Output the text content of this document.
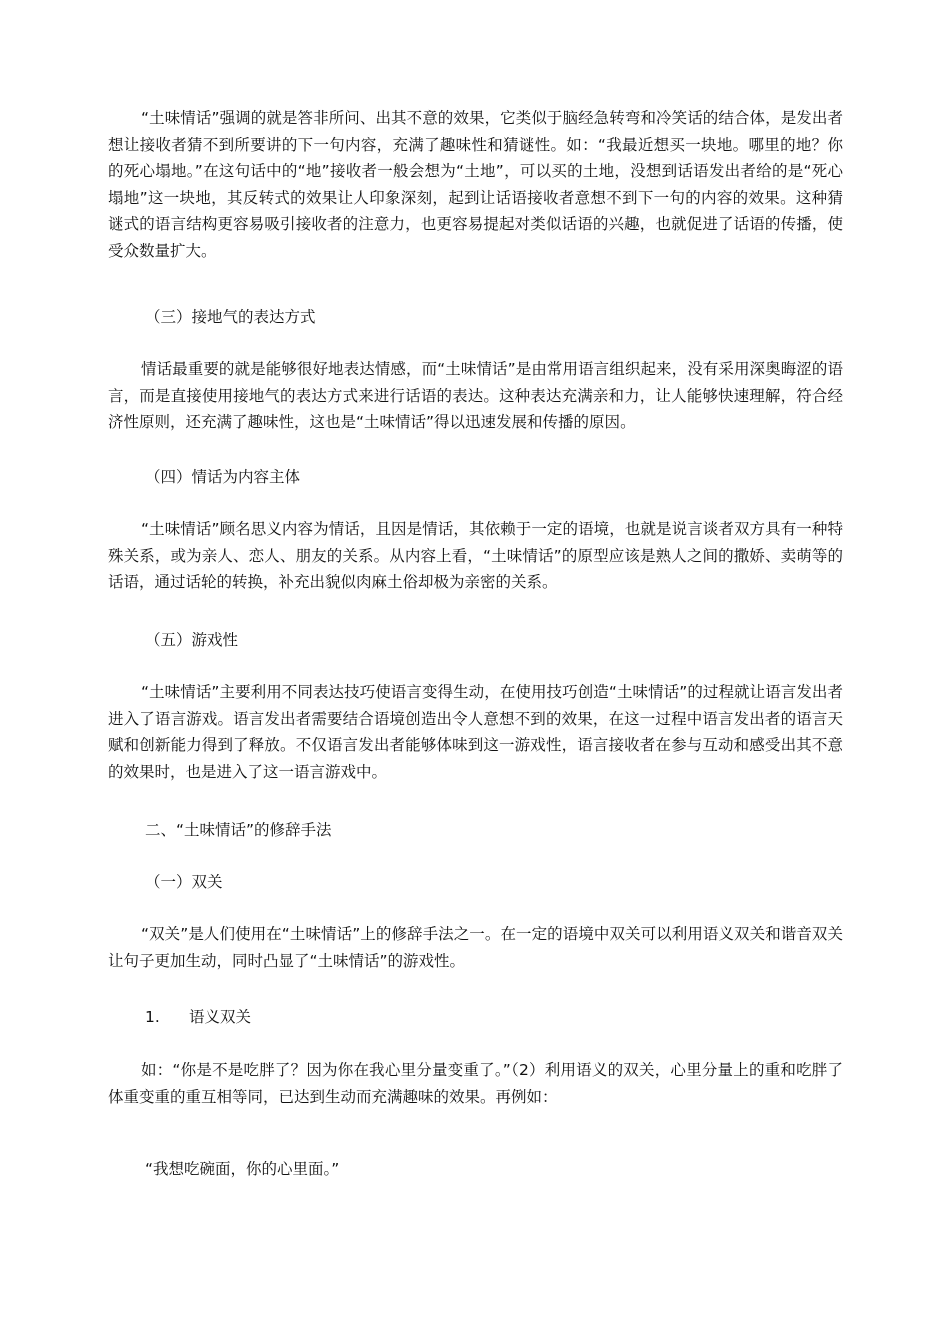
“土味情话”强调的就是答非所问、出其不意的效果，它类似于脑经急转弯和冷笑话的结合体，是发出者想让接收者猜不到所要讲的下一句内容，充满了趣味性和猜谜性。如：“我最近想买一块地。哪里的地？你的死心塌地。”在这句话中的“地”接收者一般会想为“土地”，可以买的土地，没想到话语发出者给的是“死心塌地”这一块地，其反转式的效果让人印象深刻，起到让话语接收者意想不到下一句的内容的效果。这种猜谜式的语言结构更容易吸引接收者的注意力，也更容易提起对类似话语的兴趣，也就促进了话语的传播，使受众数量扩大。

（三）接地气的表达方式

情话最重要的就是能够很好地表达情感，而“土味情话”是由常用语言组织起来，没有采用深奥晦涩的语言，而是直接使用接地气的表达方式来进行话语的表达。这种表达充满亲和力，让人能够快速理解，符合经济性原则，还充满了趣味性，这也是“土味情话”得以迅速发展和传播的原因。

（四）情话为内容主体

“土味情话”顾名思义内容为情话，且因是情话，其依赖于一定的语境，也就是说言谈者双方具有一种特殊关系，或为亲人、恋人、朋友的关系。从内容上看，“土味情话”的原型应该是熟人之间的撒娇、卖萌等的话语，通过话轮的转换，补充出貌似肉麻土俗却极为亲密的关系。

（五）游戏性

“土味情话”主要利用不同表达技巧使语言变得生动，在使用技巧创造“土味情话”的过程就让语言发出者进入了语言游戏。语言发出者需要结合语境创造出令人意想不到的效果，在这一过程中语言发出者的语言天赋和创新能力得到了释放。不仅语言发出者能够体味到这一游戏性，语言接收者在参与互动和感受出其不意的效果时，也是进入了这一语言游戏中。

二、“土味情话”的修辞手法

（一）双关

“双关”是人们使用在“土味情话”上的修辞手法之一。在一定的语境中双关可以利用语义双关和谐音双关让句子更加生动，同时凸显了“土味情话”的游戏性。

1. 语义双关

如：“你是不是吃胖了？因为你在我心里分量变重了。”（2）利用语义的双关，心里分量上的重和吃胖了体重变重的重互相等同，已达到生动而充满趣味的效果。再例如：

“我想吃碗面，你的心里面。”
